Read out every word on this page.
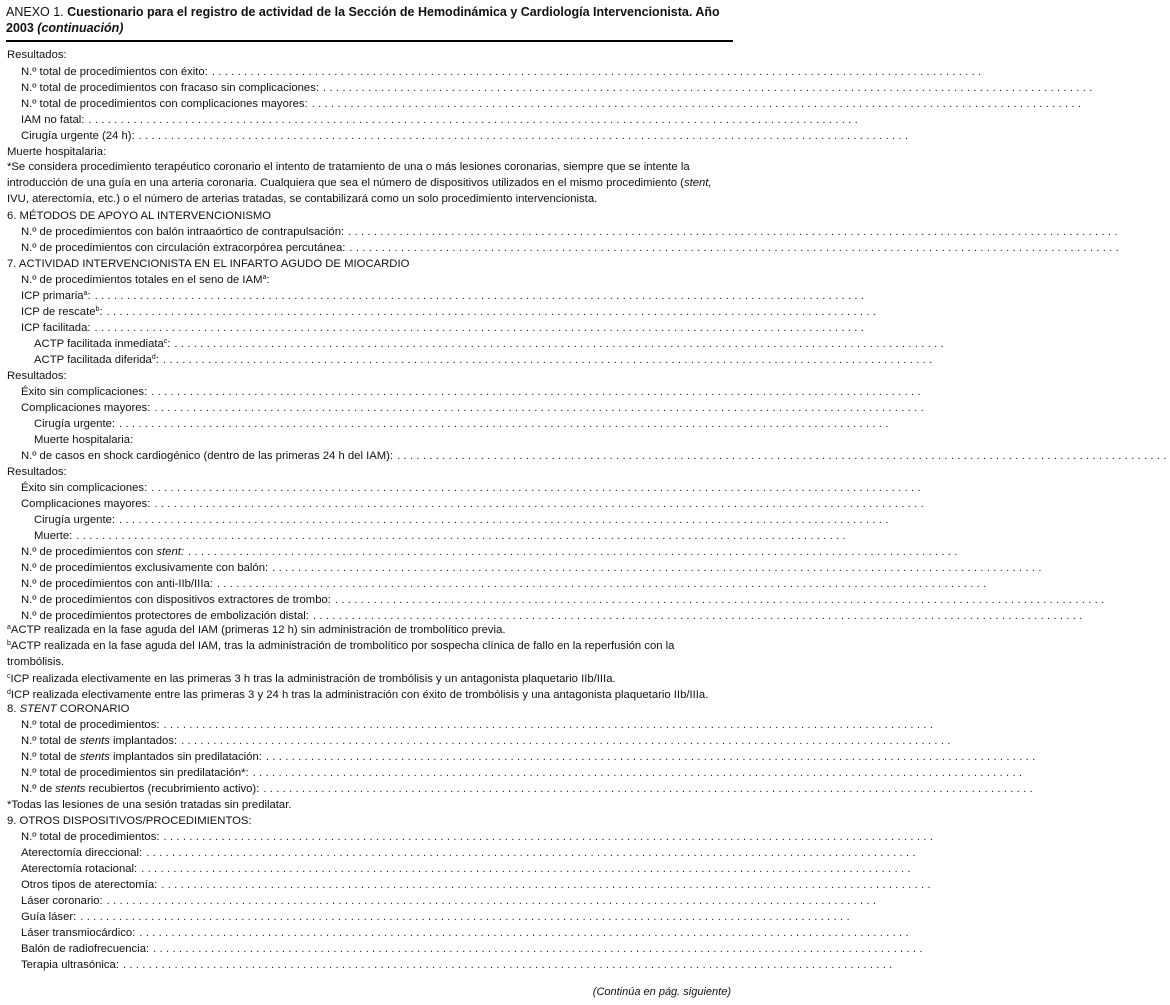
ANEXO 1. Cuestionario para el registro de actividad de la Sección de Hemodinámica y Cardiología Intervencionista. Año 2003 (continuación)
Resultados:
N.º total de procedimientos con éxito: ........................................................................................................................
N.º total de procedimientos con fracaso sin complicaciones: ........................................................................................................................
N.º total de procedimientos con complicaciones mayores: ........................................................................................................................
IAM no fatal: ........................................................................................................................
Cirugía urgente (24 h): ........................................................................................................................
Muerte hospitalaria:
6. MÉTODOS DE APOYO AL INTERVENCIONISMO
N.º de procedimientos con balón intraaórtico de contrapulsación: ........................................................................................................................
N.º de procedimientos con circulación extracorpórea percutánea: ........................................................................................................................
7. ACTIVIDAD INTERVENCIONISTA EN EL INFARTO AGUDO DE MIOCARDIO
N.º de procedimientos totales en el seno de IAM$^a$:
ICP primaria$^a$: ........................................................................................................................
ICP de rescate$^b$: ........................................................................................................................
ICP facilitada: ........................................................................................................................
ACTP facilitada inmediata$^c$: ........................................................................................................................
ACTP facilitada diferida$^d$: ........................................................................................................................
Resultados:
Éxito sin complicaciones: ........................................................................................................................
Complicaciones mayores: ........................................................................................................................
Cirugía urgente: ........................................................................................................................
Muerte hospitalaria:
N.º de casos en shock cardiogénico (dentro de las primeras 24 h del IAM): ........................................................................................................................
Resultados:
Éxito sin complicaciones: ........................................................................................................................
Complicaciones mayores: ........................................................................................................................
Cirugía urgente: ........................................................................................................................
Muerte: ........................................................................................................................
N.º de procedimientos con stent: ........................................................................................................................
N.º de procedimientos exclusivamente con balón: ........................................................................................................................
N.º de procedimientos con anti-IIb/IIIa: ........................................................................................................................
N.º de procedimientos con dispositivos extractores de trombo: ........................................................................................................................
N.º de procedimientos protectores de embolización distal: ........................................................................................................................
8. STENT CORONARIO
N.º total de procedimientos: ........................................................................................................................
N.º total de stents implantados: ........................................................................................................................
N.º total de stents implantados sin predilatación: ........................................................................................................................
N.º total de procedimientos sin predilatación*: ........................................................................................................................
N.º de stents recubiertos (recubrimiento activo): ........................................................................................................................
*Todas las lesiones de una sesión tratadas sin predilatar.
9. OTROS DISPOSITIVOS/PROCEDIMIENTOS:
N.º total de procedimientos: ........................................................................................................................
Aterectomía direccional: ........................................................................................................................
Aterectomía rotacional: ........................................................................................................................
Otros tipos de aterectomía: ........................................................................................................................
Láser coronario: ........................................................................................................................
Guía láser: ........................................................................................................................
Láser transmiocárdico: ........................................................................................................................
Balón de radiofrecuencia: ........................................................................................................................
Terapia ultrasónica: ........................................................................................................................
*Se considera procedimiento terapéutico coronario el intento de tratamiento de una o más lesiones coronarias, siempre que se intente la introducción de una guía en una arteria coronaria. Cualquiera que sea el número de dispositivos utilizados en el mismo procedimiento (stent, IVU, aterectomía, etc.) o el número de arterias tratadas, se contabilizará como un solo procedimiento intervencionista.
$^a$ACTP realizada en la fase aguda del IAM (primeras 12 h) sin administración de trombolítico previa.
$^b$ACTP realizada en la fase aguda del IAM, tras la administración de trombolítico por sospecha clínica de fallo en la reperfusión con la trombólisis.
$^c$ICP realizada electivamente en las primeras 3 h tras la administración de trombólisis y un antagonista plaquetario IIb/IIIa.
$^d$ICP realizada electivamente entre las primeras 3 y 24 h tras la administración con éxito de trombólisis y una antagonista plaquetario IIb/IIIa.
(Continúa en pág. siguiente)
